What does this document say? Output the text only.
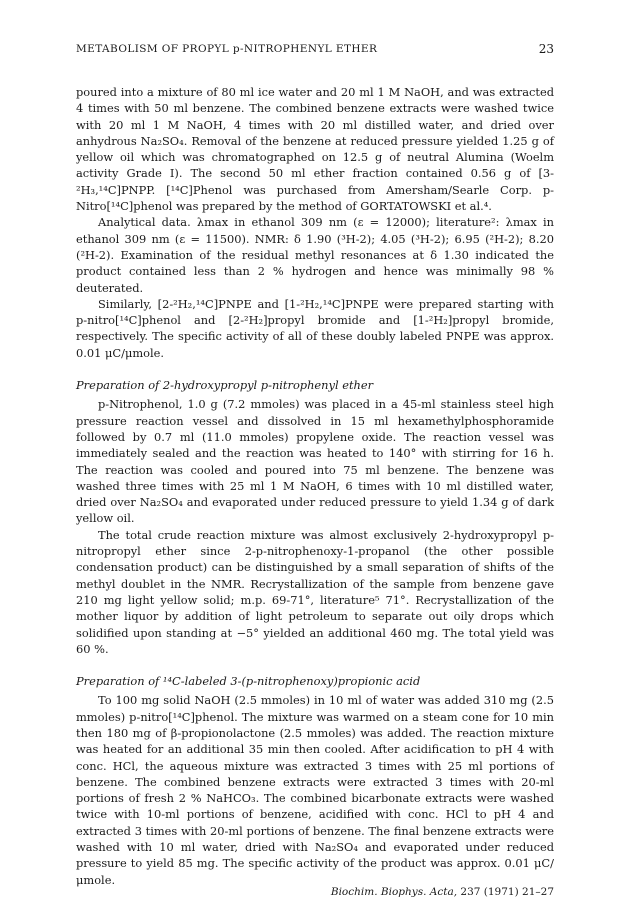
METABOLISM OF PROPYL p-NITROPHENYL ETHER	23

poured into a mixture of 80 ml ice water and 20 ml 1 M NaOH, and was extracted 4 times with 50 ml benzene. The combined benzene extracts were washed twice with 20 ml 1 M NaOH, 4 times with 20 ml distilled water, and dried over anhydrous Na₂SO₄. Removal of the benzene at reduced pressure yielded 1.25 g of yellow oil which was chromatographed on 12.5 g of neutral Alumina (Woelm activity Grade I). The second 50 ml ether fraction contained 0.56 g of [3-²H₃,¹⁴C]PNPP. [¹⁴C]Phenol was purchased from Amersham/Searle Corp. p-Nitro[¹⁴C]phenol was prepared by the method of GORTATOWSKI et al.⁴.

Analytical data. λmax in ethanol 309 nm (ε = 12000); literature²: λmax in ethanol 309 nm (ε = 11500). NMR: δ 1.90 (³H-2); 4.05 (³H-2); 6.95 (²H-2); 8.20 (²H-2). Examination of the residual methyl resonances at δ 1.30 indicated the product contained less than 2 % hydrogen and hence was minimally 98 % deuterated.

Similarly, [2-²H₂,¹⁴C]PNPE and [1-²H₂,¹⁴C]PNPE were prepared starting with p-nitro[¹⁴C]phenol and [2-²H₂]propyl bromide and [1-²H₂]propyl bromide, respectively. The specific activity of all of these doubly labeled PNPE was approx. 0.01 μC/μmole.

Preparation of 2-hydroxypropyl p-nitrophenyl ether

p-Nitrophenol, 1.0 g (7.2 mmoles) was placed in a 45-ml stainless steel high pressure reaction vessel and dissolved in 15 ml hexamethylphosphoramide followed by 0.7 ml (11.0 mmoles) propylene oxide. The reaction vessel was immediately sealed and the reaction was heated to 140° with stirring for 16 h. The reaction was cooled and poured into 75 ml benzene. The benzene was washed three times with 25 ml 1 M NaOH, 6 times with 10 ml distilled water, dried over Na₂SO₄ and evaporated under reduced pressure to yield 1.34 g of dark yellow oil.

The total crude reaction mixture was almost exclusively 2-hydroxypropyl p-nitropropyl ether since 2-p-nitrophenoxy-1-propanol (the other possible condensation product) can be distinguished by a small separation of shifts of the methyl doublet in the NMR. Recrystallization of the sample from benzene gave 210 mg light yellow solid; m.p. 69-71°, literature⁵ 71°. Recrystallization of the mother liquor by addition of light petroleum to separate out oily drops which solidified upon standing at −5° yielded an additional 460 mg. The total yield was 60 %.

Preparation of ¹⁴C-labeled 3-(p-nitrophenoxy)propionic acid

To 100 mg solid NaOH (2.5 mmoles) in 10 ml of water was added 310 mg (2.5 mmoles) p-nitro[¹⁴C]phenol. The mixture was warmed on a steam cone for 10 min then 180 mg of β-propionolactone (2.5 mmoles) was added. The reaction mixture was heated for an additional 35 min then cooled. After acidification to pH 4 with conc. HCl, the aqueous mixture was extracted 3 times with 25 ml portions of benzene. The combined benzene extracts were extracted 3 times with 20-ml portions of fresh 2 % NaHCO₃. The combined bicarbonate extracts were washed twice with 10-ml portions of benzene, acidified with conc. HCl to pH 4 and extracted 3 times with 20-ml portions of benzene. The final benzene extracts were washed with 10 ml water, dried with Na₂SO₄ and evaporated under reduced pressure to yield 85 mg. The specific activity of the product was approx. 0.01 μC/μmole.

Biochim. Biophys. Acta, 237 (1971) 21–27
